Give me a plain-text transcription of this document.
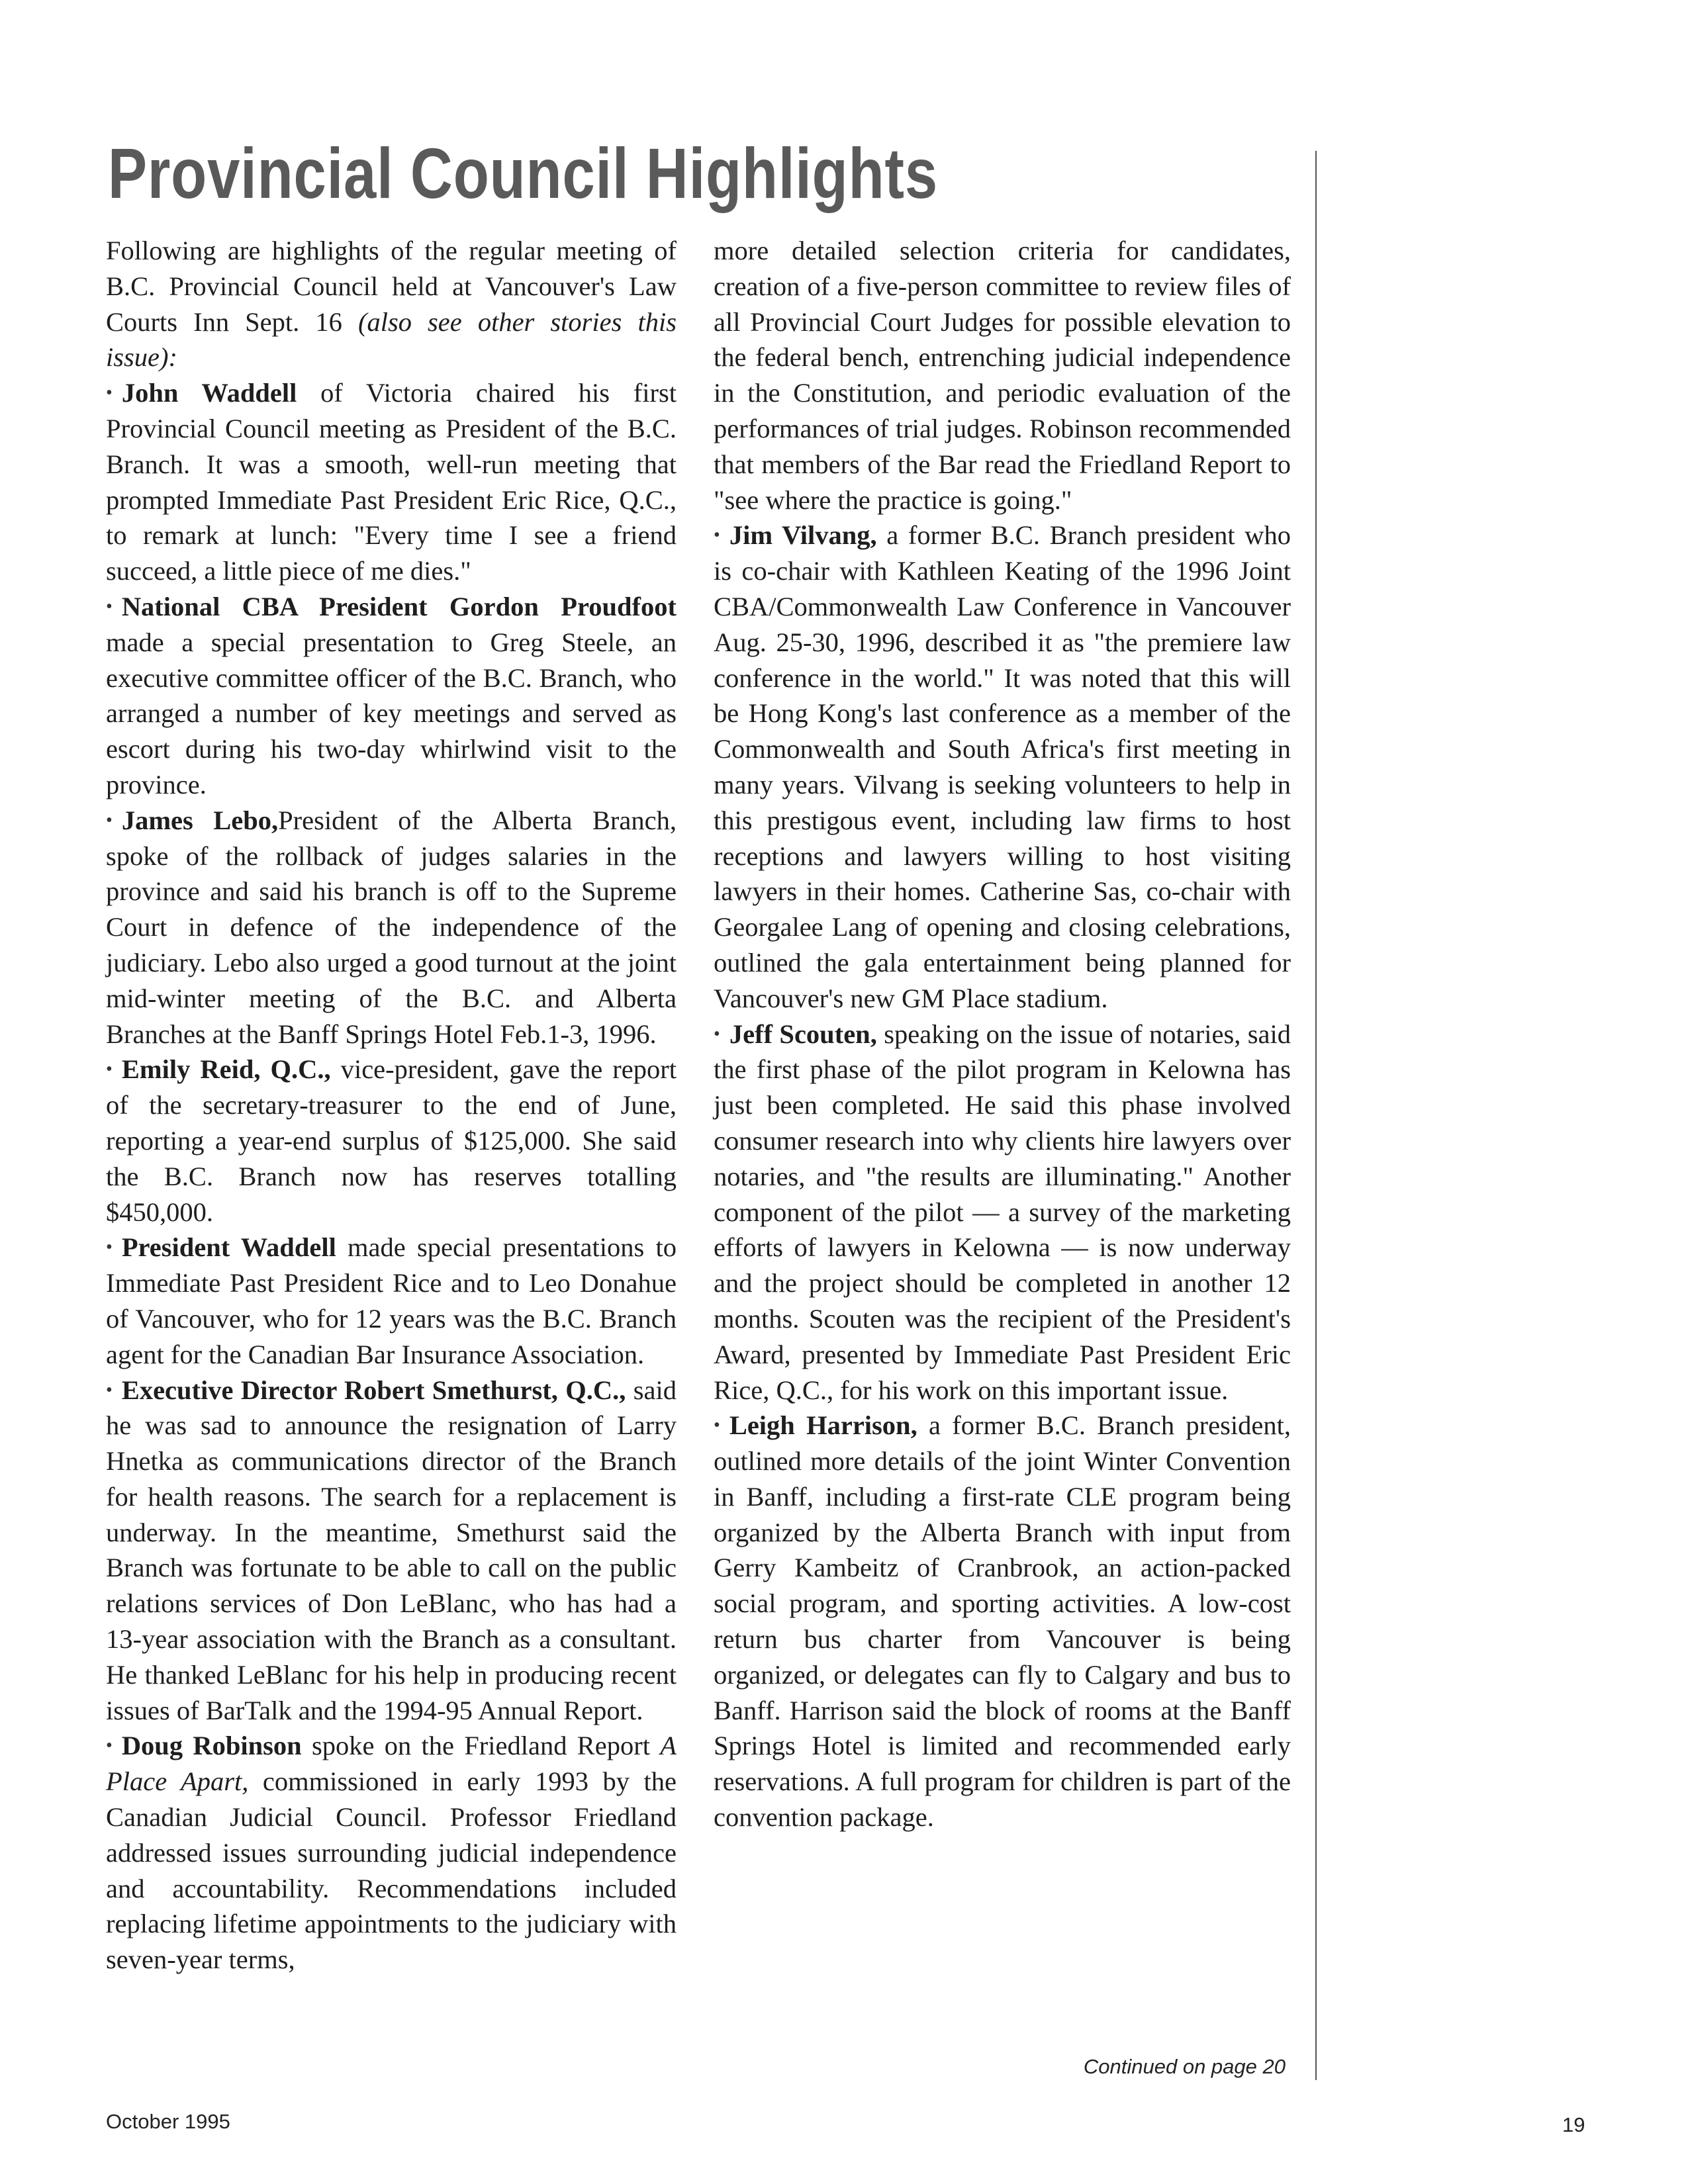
Provincial Council Highlights

Following are highlights of the regular meeting of B.C. Provincial Council held at Vancouver's Law Courts Inn Sept. 16 (also see other stories this issue):

• John Waddell of Victoria chaired his first Provincial Council meeting as President of the B.C. Branch. It was a smooth, well-run meeting that prompted Immediate Past President Eric Rice, Q.C., to remark at lunch: "Every time I see a friend succeed, a little piece of me dies."

• National CBA President Gordon Proudfoot made a special presentation to Greg Steele, an executive committee officer of the B.C. Branch, who arranged a number of key meetings and served as escort during his two-day whirlwind visit to the province.

• James Lebo,President of the Alberta Branch, spoke of the rollback of judges salaries in the province and said his branch is off to the Supreme Court in defence of the independence of the judiciary. Lebo also urged a good turnout at the joint mid-winter meeting of the B.C. and Alberta Branches at the Banff Springs Hotel Feb.1-3, 1996.

• Emily Reid, Q.C., vice-president, gave the report of the secretary-treasurer to the end of June, reporting a year-end surplus of $125,000. She said the B.C. Branch now has reserves totalling $450,000.

• President Waddell made special presentations to Immediate Past President Rice and to Leo Donahue of Vancouver, who for 12 years was the B.C. Branch agent for the Canadian Bar Insurance Association.

• Executive Director Robert Smethurst, Q.C., said he was sad to announce the resignation of Larry Hnetka as communications director of the Branch for health reasons. The search for a replacement is underway. In the meantime, Smethurst said the Branch was fortunate to be able to call on the public relations services of Don LeBlanc, who has had a 13-year association with the Branch as a consultant. He thanked LeBlanc for his help in producing recent issues of BarTalk and the 1994-95 Annual Report.

• Doug Robinson spoke on the Friedland Report A Place Apart, commissioned in early 1993 by the Canadian Judicial Council. Professor Friedland addressed issues surrounding judicial independence and accountability. Recommendations included replacing lifetime appointments to the judiciary with seven-year terms,

more detailed selection criteria for candidates, creation of a five-person committee to review files of all Provincial Court Judges for possible elevation to the federal bench, entrenching judicial independence in the Constitution, and periodic evaluation of the performances of trial judges. Robinson recommended that members of the Bar read the Friedland Report to "see where the practice is going."

• Jim Vilvang, a former B.C. Branch president who is co-chair with Kathleen Keating of the 1996 Joint CBA/Commonwealth Law Conference in Vancouver Aug. 25-30, 1996, described it as "the premiere law conference in the world." It was noted that this will be Hong Kong's last conference as a member of the Commonwealth and South Africa's first meeting in many years. Vilvang is seeking volunteers to help in this prestigous event, including law firms to host receptions and lawyers willing to host visiting lawyers in their homes. Catherine Sas, co-chair with Georgalee Lang of opening and closing celebrations, outlined the gala entertainment being planned for Vancouver's new GM Place stadium.

• Jeff Scouten, speaking on the issue of notaries, said the first phase of the pilot program in Kelowna has just been completed. He said this phase involved consumer research into why clients hire lawyers over notaries, and "the results are illuminating." Another component of the pilot — a survey of the marketing efforts of lawyers in Kelowna — is now underway and the project should be completed in another 12 months. Scouten was the recipient of the President's Award, presented by Immediate Past President Eric Rice, Q.C., for his work on this important issue.

• Leigh Harrison, a former B.C. Branch president, outlined more details of the joint Winter Convention in Banff, including a first-rate CLE program being organized by the Alberta Branch with input from Gerry Kambeitz of Cranbrook, an action-packed social program, and sporting activities. A low-cost return bus charter from Vancouver is being organized, or delegates can fly to Calgary and bus to Banff. Harrison said the block of rooms at the Banff Springs Hotel is limited and recommended early reservations. A full program for children is part of the convention package.

Continued on page 20
October 1995	19
